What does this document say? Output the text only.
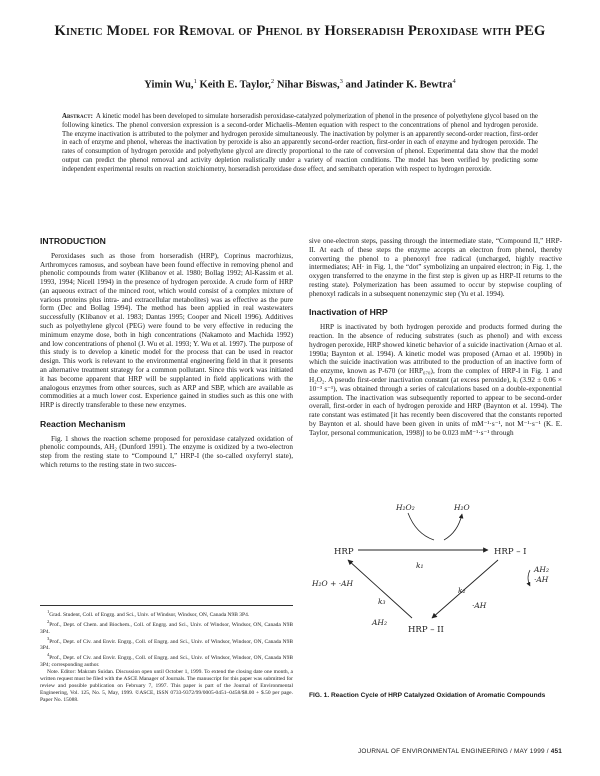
Kinetic Model for Removal of Phenol by Horseradish Peroxidase with PEG
Yimin Wu,$^1$ Keith E. Taylor,$^2$ Nihar Biswas,$^3$ and Jatinder K. Bewtra$^4$
Abstract: A kinetic model has been developed to simulate horseradish peroxidase-catalyzed polymerization of phenol in the presence of polyethylene glycol based on the following kinetics. The phenol conversion expression is a second-order Michaelis–Menten equation with respect to the concentrations of phenol and hydrogen peroxide. The enzyme inactivation is attributed to the polymer and hydrogen peroxide simultaneously. The inactivation by polymer is an apparently second-order reaction, first-order in each of enzyme and phenol, whereas the inactivation by peroxide is also an apparently second-order reaction, first-order in each of enzyme and hydrogen peroxide. The rates of consumption of hydrogen peroxide and polyethylene glycol are directly proportional to the rate of conversion of phenol. Experimental data show that the model output can predict the phenol removal and activity depletion realistically under a variety of reaction conditions. The model has been verified by predicting some independent experimental results on reaction stoichiometry, horseradish peroxidase dose effect, and semibatch operation with respect to hydrogen peroxide.
INTRODUCTION

Peroxidases such as those from horseradish (HRP), Coprinus macrorhizus, Arthromyces ramosus, and soybean have been found effective in removing phenol and phenolic compounds from water (Klibanov et al. 1980; Bollag 1992; Al-Kassim et al. 1993, 1994; Nicell 1994) in the presence of hydrogen peroxide. A crude form of HRP (an aqueous extract of the minced root, which would consist of a complex mixture of various proteins plus intra- and extracellular metabolites) was as effective as the pure form (Dec and Bollag 1994). The method has been applied in real wastewaters successfully (Klibanov et al. 1983; Dantas 1995; Cooper and Nicell 1996). Additives such as polyethylene glycol (PEG) were found to be very effective in reducing the minimum enzyme dose, both in high concentrations (Nakamoto and Machida 1992) and low concentrations of phenol (J. Wu et al. 1993; Y. Wu et al. 1997). The purpose of this study is to develop a kinetic model for the process that can be used in reactor design. This work is relevant to the environmental engineering field in that it presents an alternative treatment strategy for a common pollutant. Since this work was initiated it has become apparent that HRP will be supplanted in field applications with the analogous enzymes from other sources, such as ARP and SBP, which are available as commodities at a much lower cost. Experience gained in studies such as this one with HRP is directly transferable to these new enzymes.

Reaction Mechanism

Fig. 1 shows the reaction scheme proposed for peroxidase catalyzed oxidation of phenolic compounds, AH₂ (Dunford 1991). The enzyme is oxidized by a two-electron step from the resting state to “Compound I,” HRP-I (the so-called oxyferryl state), which returns to the resting state in two succes-

$^1$Grad. Student, Coll. of Engrg. and Sci., Univ. of Windsor, Windsor, ON, Canada N9B 3P4.

$^2$Prof., Dept. of Chem. and Biochem., Coll. of Engrg. and Sci., Univ. of Windsor, Windsor, ON, Canada N9B 3P4.

$^3$Prof., Dept. of Civ. and Envir. Engrg., Coll. of Engrg. and Sci., Univ. of Windsor, Windsor, ON, Canada N9B 3P4.

$^4$Prof., Dept. of Civ. and Envir. Engrg., Coll. of Engrg. and Sci., Univ. of Windsor, Windsor, ON, Canada N9B 3P4; corresponding author.

Note. Editor: Makram Suidan. Discussion open until October 1, 1999. To extend the closing date one month, a written request must be filed with the ASCE Manager of Journals. The manuscript for this paper was submitted for review and possible publication on February 7, 1997. This paper is part of the Journal of Environmental Engineering, Vol. 125, No. 5, May, 1999. ©ASCE, ISSN 0733-9372/99/0005-0451–0458/$8.00 + $.50 per page. Paper No. 15088.

sive one-electron steps, passing through the intermediate state, “Compound II,” HRP-II. At each of these steps the enzyme accepts an electron from phenol, thereby converting the phenol to a phenoxyl free radical (uncharged, highly reactive intermediates; AH· in Fig. 1, the “dot” symbolizing an unpaired electron; in Fig. 1, the oxygen transferred to the enzyme in the first step is given up as HRP-II returns to the resting state). Polymerization has been assumed to occur by stepwise coupling of phenoxyl radicals in a subsequent nonenzymic step (Yu et al. 1994).

Inactivation of HRP

HRP is inactivated by both hydrogen peroxide and products formed during the reaction. In the absence of reducing substrates (such as phenol) and with excess hydrogen peroxide, HRP showed kinetic behavior of a suicide inactivation (Arnao et al. 1990a; Baynton et al. 1994). A kinetic model was proposed (Arnao et al. 1990b) in which the suicide inactivation was attributed to the production of an inactive form of the enzyme, known as P-670 (or HRP₆₇₀), from the complex of HRP-I in Fig. 1 and H₂O₂. A pseudo first-order inactivation constant (at excess peroxide), kᵢ (3.92 ± 0.06 × 10⁻³ s⁻¹), was obtained through a series of calculations based on a double-exponential assumption. The inactivation was subsequently reported to appear to be second-order overall, first-order in each of hydrogen peroxide and HRP (Baynton et al. 1994). The rate constant was estimated [it has recently been discovered that the constants reported by Baynton et al. should have been given in units of mM⁻¹·s⁻¹, not M⁻¹·s⁻¹ (K. E. Taylor, personal communication, 1998)] to be 0.023 mM⁻¹·s⁻¹ through

H₂O₂	H₂O
HRP	HRP – I
k₁	AH₂
·AH
k₂
k₃
H₂O + ·AH
AH₂
·AH
HRP – II
FIG. 1. Reaction Cycle of HRP Catalyzed Oxidation of Aromatic Compounds
JOURNAL OF ENVIRONMENTAL ENGINEERING / MAY 1999 / 451
